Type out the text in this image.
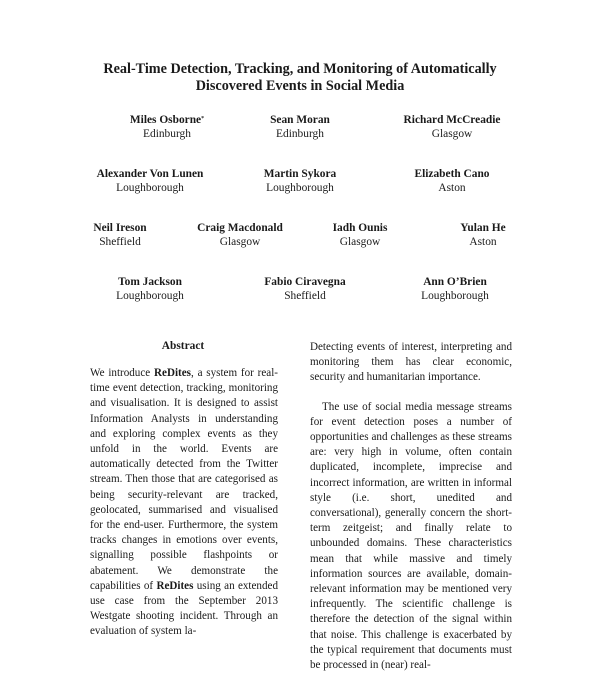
Real-Time Detection, Tracking, and Monitoring of Automatically
Discovered Events in Social Media
Miles Osborne*
Edinburgh
Sean Moran
Edinburgh
Richard McCreadie
Glasgow
Alexander Von Lunen
Loughborough
Martin Sykora
Loughborough
Elizabeth Cano
Aston
Neil Ireson
Sheffield
Craig Macdonald
Glasgow
Iadh Ounis
Glasgow
Yulan He
Aston
Tom Jackson
Loughborough
Fabio Ciravegna
Sheffield
Ann O’Brien
Loughborough
Abstract

We introduce ReDites, a system for real-time event detection, tracking, monitoring and visualisation. It is designed to assist Information Analysts in understanding and exploring complex events as they unfold in the world. Events are automatically detected from the Twitter stream. Then those that are categorised as being security-relevant are tracked, geolocated, summarised and visualised for the end-user. Furthermore, the system tracks changes in emotions over events, signalling possible flashpoints or abatement. We demonstrate the capabilities of ReDites using an extended use case from the September 2013 Westgate shooting incident. Through an evaluation of system la-

Detecting events of interest, interpreting and monitoring them has clear economic, security and humanitarian importance.

The use of social media message streams for event detection poses a number of opportunities and challenges as these streams are: very high in volume, often contain duplicated, incomplete, imprecise and incorrect information, are written in informal style (i.e. short, unedited and conversational), generally concern the short-term zeitgeist; and finally relate to unbounded domains. These characteristics mean that while massive and timely information sources are available, domain-relevant information may be mentioned very infrequently. The scientific challenge is therefore the detection of the signal within that noise. This challenge is exacerbated by the typical requirement that documents must be processed in (near) real-
